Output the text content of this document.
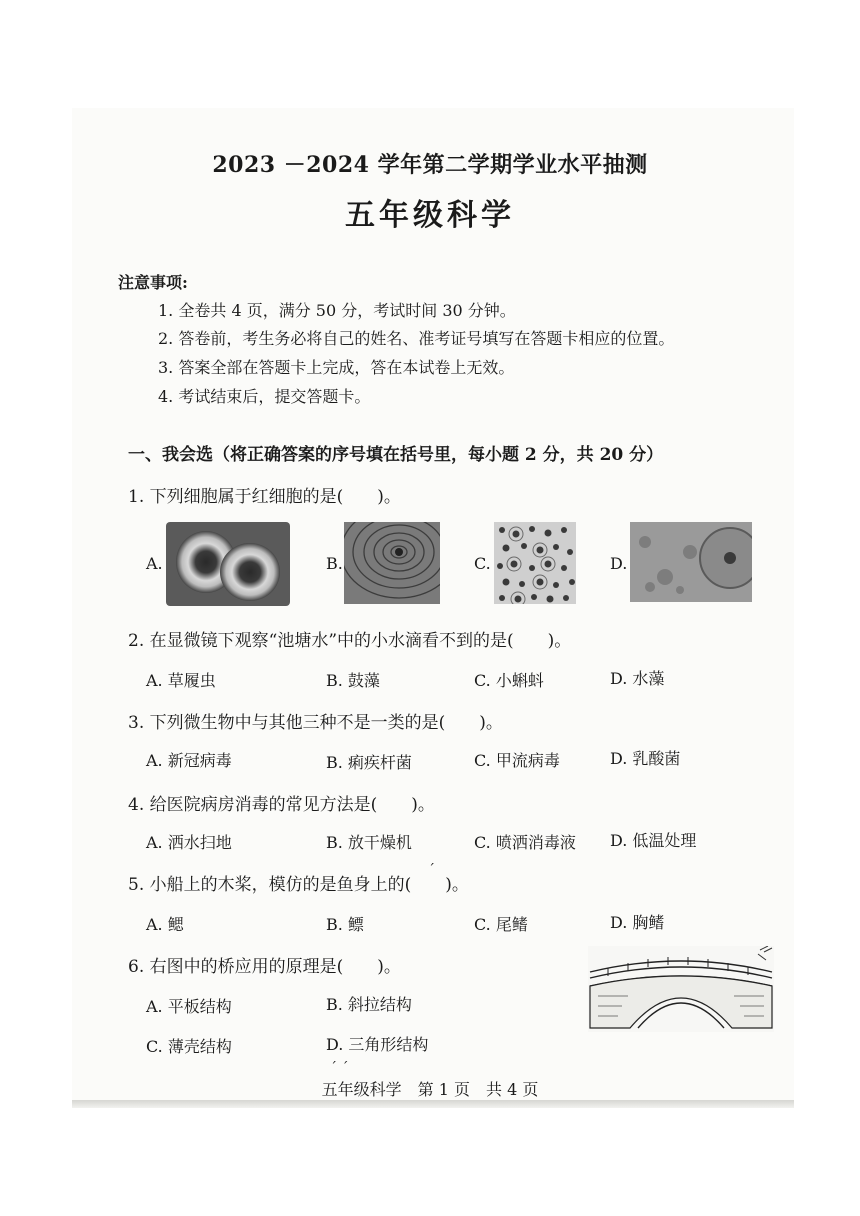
2023 －2024 学年第二学期学业水平抽测
五年级科学
注意事项:
1. 全卷共 4 页，满分 50 分，考试时间 30 分钟。
2. 答卷前，考生务必将自己的姓名、准考证号填写在答题卡相应的位置。
3. 答案全部在答题卡上完成，答在本试卷上无效。
4. 考试结束后，提交答题卡。
一、我会选（将正确答案的序号填在括号里，每小题 2 分，共 20 分）
1. 下列细胞属于红细胞的是(　　)。
A.	B.	C.	D.
2. 在显微镜下观察“池塘水”中的小水滴看不到的是(　　)。
A. 草履虫	B. 鼓藻	C. 小蝌蚪	D. 水藻
3. 下列微生物中与其他三种不是一类的是(　　)。
A. 新冠病毒	B. 痢疾杆菌	C. 甲流病毒	D. 乳酸菌
4. 给医院病房消毒的常见方法是(　　)。
A. 洒水扫地	B. 放干燥机	C. 喷洒消毒液 D. 低温处理
5. 小船上的木桨，模仿的是鱼身上的(　　)。
ˊ
A. 鳃	B. 鳔	C. 尾鳍	D. 胸鳍
6. 右图中的桥应用的原理是(　　)。
A. 平板结构	B. 斜拉结构
C. 薄壳结构	D. 三角形结构
ˊ ˊ
五年级科学　第 1 页　共 4 页
